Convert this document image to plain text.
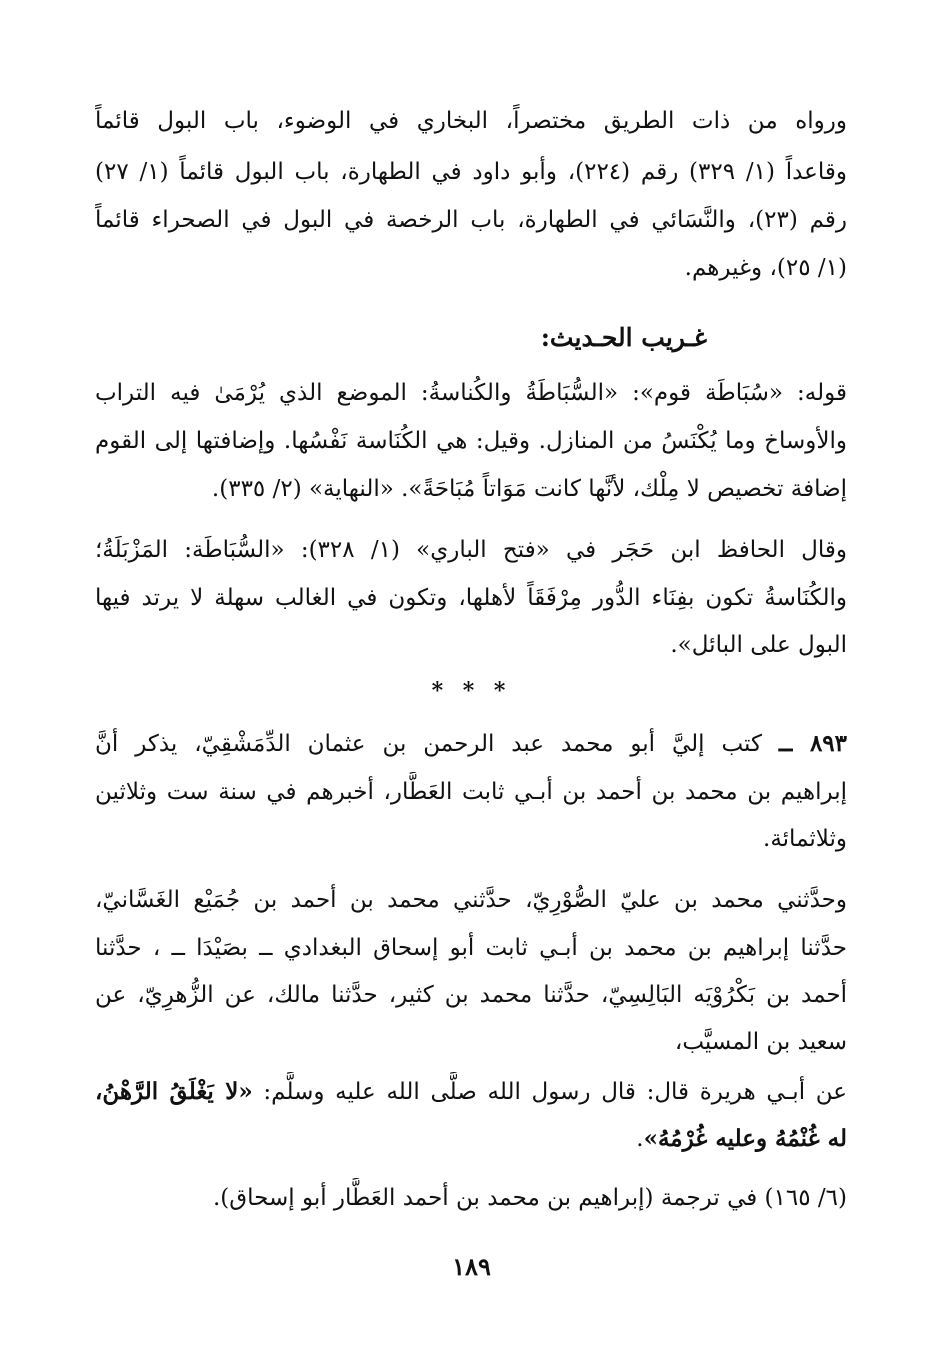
ورواه من ذات الطريق مختصراً، البخاري في الوضوء، باب البول قائماً
وقاعداً (١/ ٣٢٩) رقم (٢٢٤)، وأبو داود في الطهارة، باب البول قائماً (١/ ٢٧)
رقم (٢٣)، والنَّسَائي في الطهارة، باب الرخصة في البول في الصحراء قائماً
(١/ ٢٥)، وغيرهم.
غـريب الحـديث:
قوله: «سُبَاطَة قوم»: «السُّبَاطَةُ والكُناسةُ: الموضع الذي يُرْمَىٰ فيه التراب
والأوساخ وما يُكْنَسُ من المنازل. وقيل: هي الكُنَاسة نَفْسُها. وإضافتها إلى القوم
إضافة تخصيص لا مِلْك، لأنَّها كانت مَوَاتاً مُبَاحَةً». «النهاية» (٢/ ٣٣٥).
وقال الحافظ ابن حَجَر في «فتح الباري» (١/ ٣٢٨): «السُّبَاطَة: المَزْبَلَةُ؛
والكُنَاسةُ تكون بفِنَاء الدُّور مِرْفَقَاً لأهلها، وتكون في الغالب سهلة لا يرتد فيها
البول على البائل».
* * *
٨٩٣ ــ كتب إليَّ أبو محمد عبد الرحمن بن عثمان الدِّمَشْقِيّ، يذكر أنَّ
إبراهيم بن محمد بن أحمد بن أبـي ثابت العَطَّار، أخبرهم في سنة ست وثلاثين
وثلاثمائة.
وحدَّثني محمد بن عليّ الصُّوْرِيّ، حدَّثني محمد بن أحمد بن جُمَيْع الغَسَّانيّ،
حدَّثنا إبراهيم بن محمد بن أبـي ثابت أبو إسحاق البغدادي ــ بصَيْدَا ــ ، حدَّثنا
أحمد بن بَكْرُوْيَه البَالِسِيّ، حدَّثنا محمد بن كثير، حدَّثنا مالك، عن الزُّهرِيّ، عن
سعيد بن المسيَّب،
عن أبـي هريرة قال: قال رسول الله صلَّى الله عليه وسلَّم: «لا يَغْلَقُ الرَّهْنُ،
له غُنْمُهُ وعليه غُرْمُهُ».
(٦/ ١٦٥) في ترجمة (إبراهيم بن محمد بن أحمد العَطَّار أبو إسحاق).
١٨٩
